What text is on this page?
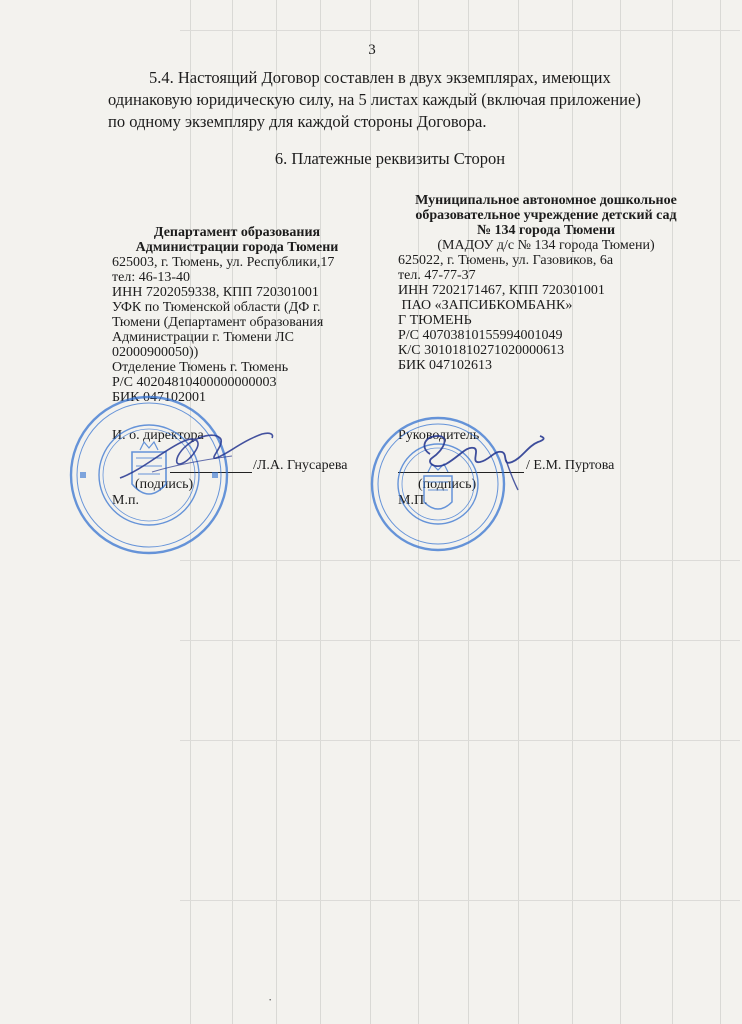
3
5.4. Настоящий Договор составлен в двух экземплярах, имеющих
одинаковую юридическую силу, на 5 листах каждый (включая приложение)
по одному экземпляру для каждой стороны Договора.
6. Платежные реквизиты Сторон
Департамент образования
Администрации города Тюмени
625003, г. Тюмень, ул. Республики,17
тел: 46-13-40
ИНН 7202059338, КПП 720301001
УФК по Тюменской области (ДФ г.
Тюмени (Департамент образования
Администрации г. Тюмени ЛС
02000900050))
Отделение Тюмень г. Тюмень
Р/С 40204810400000000003
БИК 047102001
И. о. директора
/Л.А. Гнусарева
(подпись)
М.п.
Муниципальное автономное дошкольное
образовательное учреждение детский сад
№ 134 города Тюмени
(МАДОУ д/с № 134 города Тюмени)
625022, г. Тюмень, ул. Газовиков, 6а
тел. 47-77-37
ИНН 7202171467, КПП 720301001
ПАО «ЗАПСИБКОМБАНК»
Г ТЮМЕНЬ
Р/С 40703810155994001049
К/С 30101810271020000613
БИК 047102613
Руководитель
/ Е.М. Пуртова
(подпись)
М.П.
·
